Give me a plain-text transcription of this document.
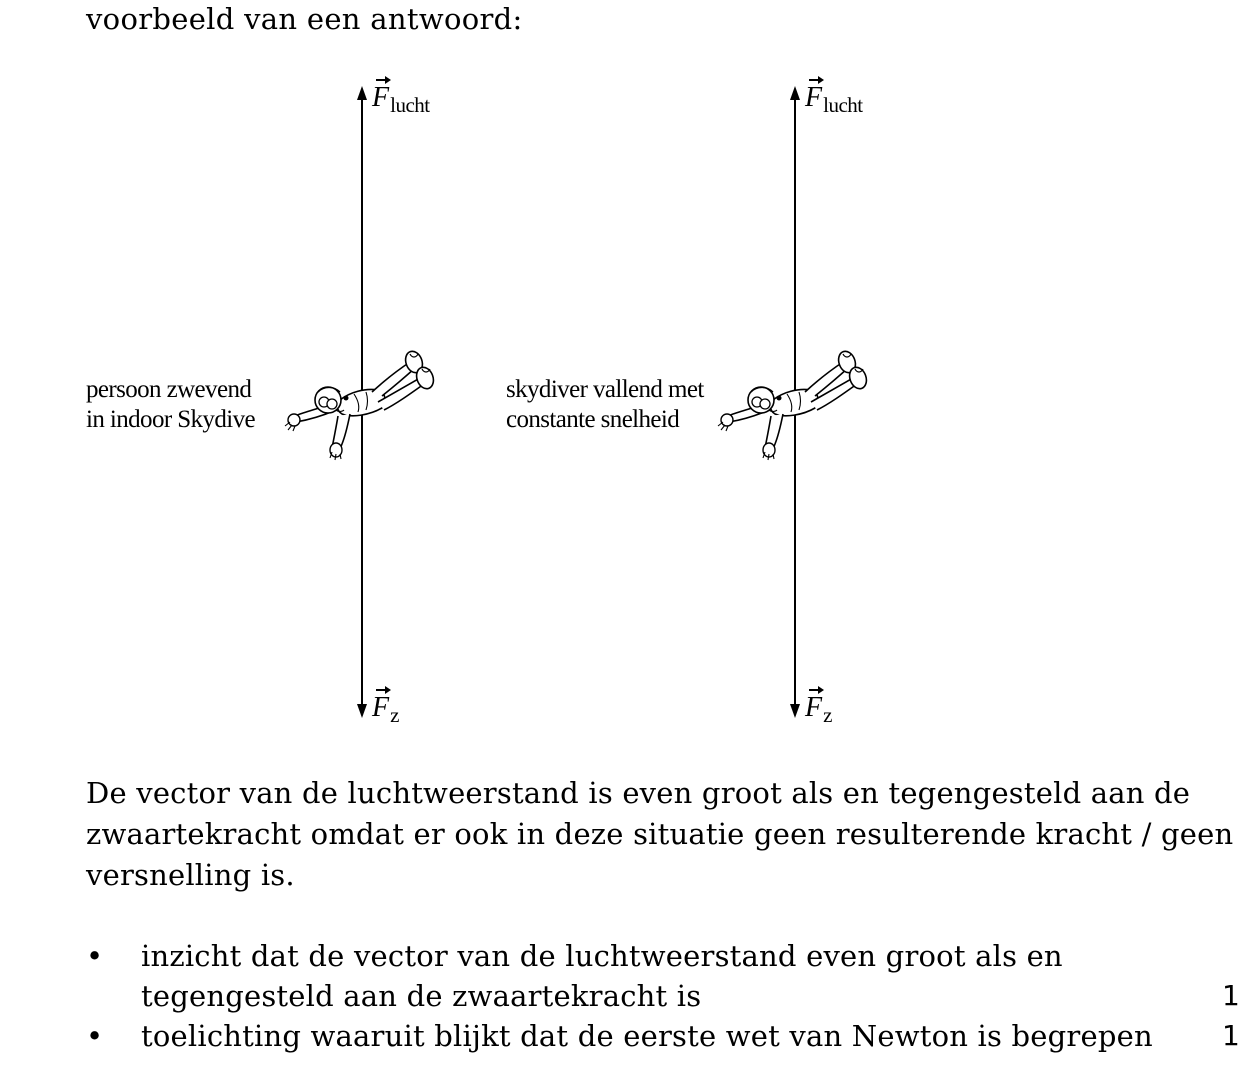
voorbeeld van een antwoord:
$F_{lucht}$
$F_z$
persoon zwevend
in indoor Skydive
$F_{lucht}$
$F_z$
skydiver vallend met
constante snelheid
De vector van de luchtweerstand is even groot als en tegengesteld aan de
zwaartekracht omdat er ook in deze situatie geen resulterende kracht / geen
versnelling is.
• inzicht dat de vector van de luchtweerstand even groot als en
tegengesteld aan de zwaartekracht is	1
• toelichting waaruit blijkt dat de eerste wet van Newton is begrepen	1
